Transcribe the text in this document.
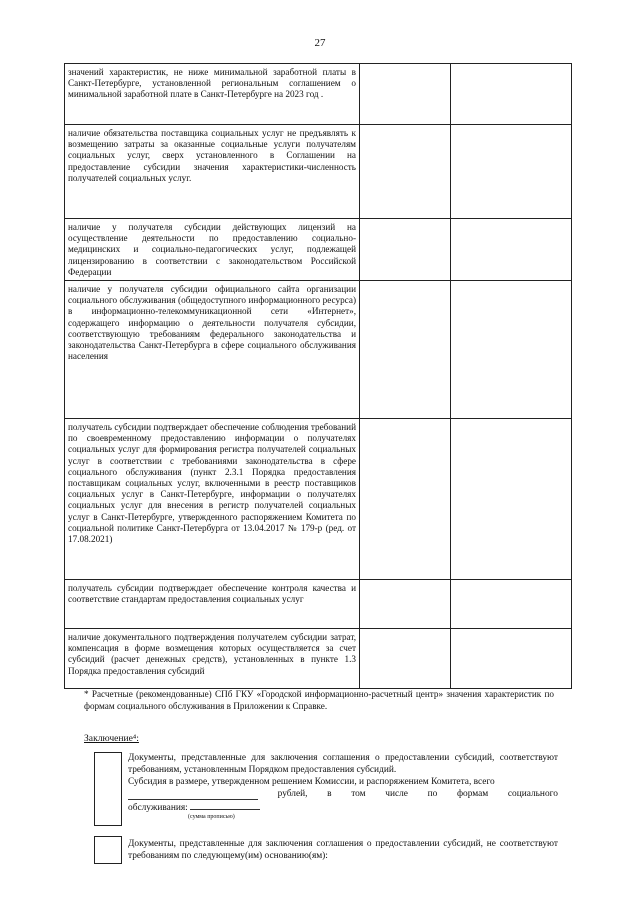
27
значений характеристик, не ниже минимальной заработной платы в Санкт-Петербурге, установленной региональным соглашением о минимальной заработной плате в Санкт-Петербурге на 2023 год .		
наличие обязательства поставщика социальных услуг не предъявлять к возмещению затраты за оказанные социальные услуги получателям социальных услуг, сверх установленного в Соглашении на предоставление субсидии значения характеристики-численность получателей социальных услуг.		
наличие у получателя субсидии действующих лицензий на осуществление деятельности по предоставлению социально-медицинских и социально-педагогических услуг, подлежащей лицензированию в соответствии с законодательством Российской Федерации		
наличие у получателя субсидии официального сайта организации социального обслуживания (общедоступного информационного ресурса) в информационно-телекоммуникационной сети «Интернет», содержащего информацию о деятельности получателя субсидии, соответствующую требованиям федерального законодательства и законодательства Санкт-Петербурга в сфере социального обслуживания населения		
получатель субсидии подтверждает обеспечение соблюдения требований по своевременному предоставлению информации о получателях социальных услуг для формирования регистра получателей социальных услуг в соответствии с требованиями законодательства в сфере социального обслуживания (пункт 2.3.1 Порядка предоставления поставщикам социальных услуг, включенными в реестр поставщиков социальных услуг в Санкт-Петербурге, информации о получателях социальных услуг для внесения в регистр получателей социальных услуг в Санкт-Петербурге, утвержденного распоряжением Комитета по социальной политике Санкт-Петербурга от 13.04.2017 № 179-р (ред. от 17.08.2021)		
получатель субсидии подтверждает обеспечение контроля качества и соответствие стандартам предоставления социальных услуг		
наличие документального подтверждения получателем субсидии затрат, компенсация в форме возмещения которых осуществляется за счет субсидий (расчет денежных средств), установленных в пункте 1.3 Порядка предоставления субсидий		
* Расчетные (рекомендованные) СПб ГКУ «Городской информационно-расчетный центр» значения характеристик по формам социального обслуживания в Приложении к Справке.
Заключение⁴:
Документы, представленные для заключения соглашения о предоставлении субсидий, соответствуют требованиям, установленным Порядком предоставления субсидий.
Субсидия в размере, утвержденном решением Комиссии, и распоряжением Комитета, всего
рублей, в том числе по формам социального
обслуживания:
(сумма прописью)
Документы, представленные для заключения соглашения о предоставлении субсидий, не соответствуют требованиям по следующему(им) основанию(ям):
